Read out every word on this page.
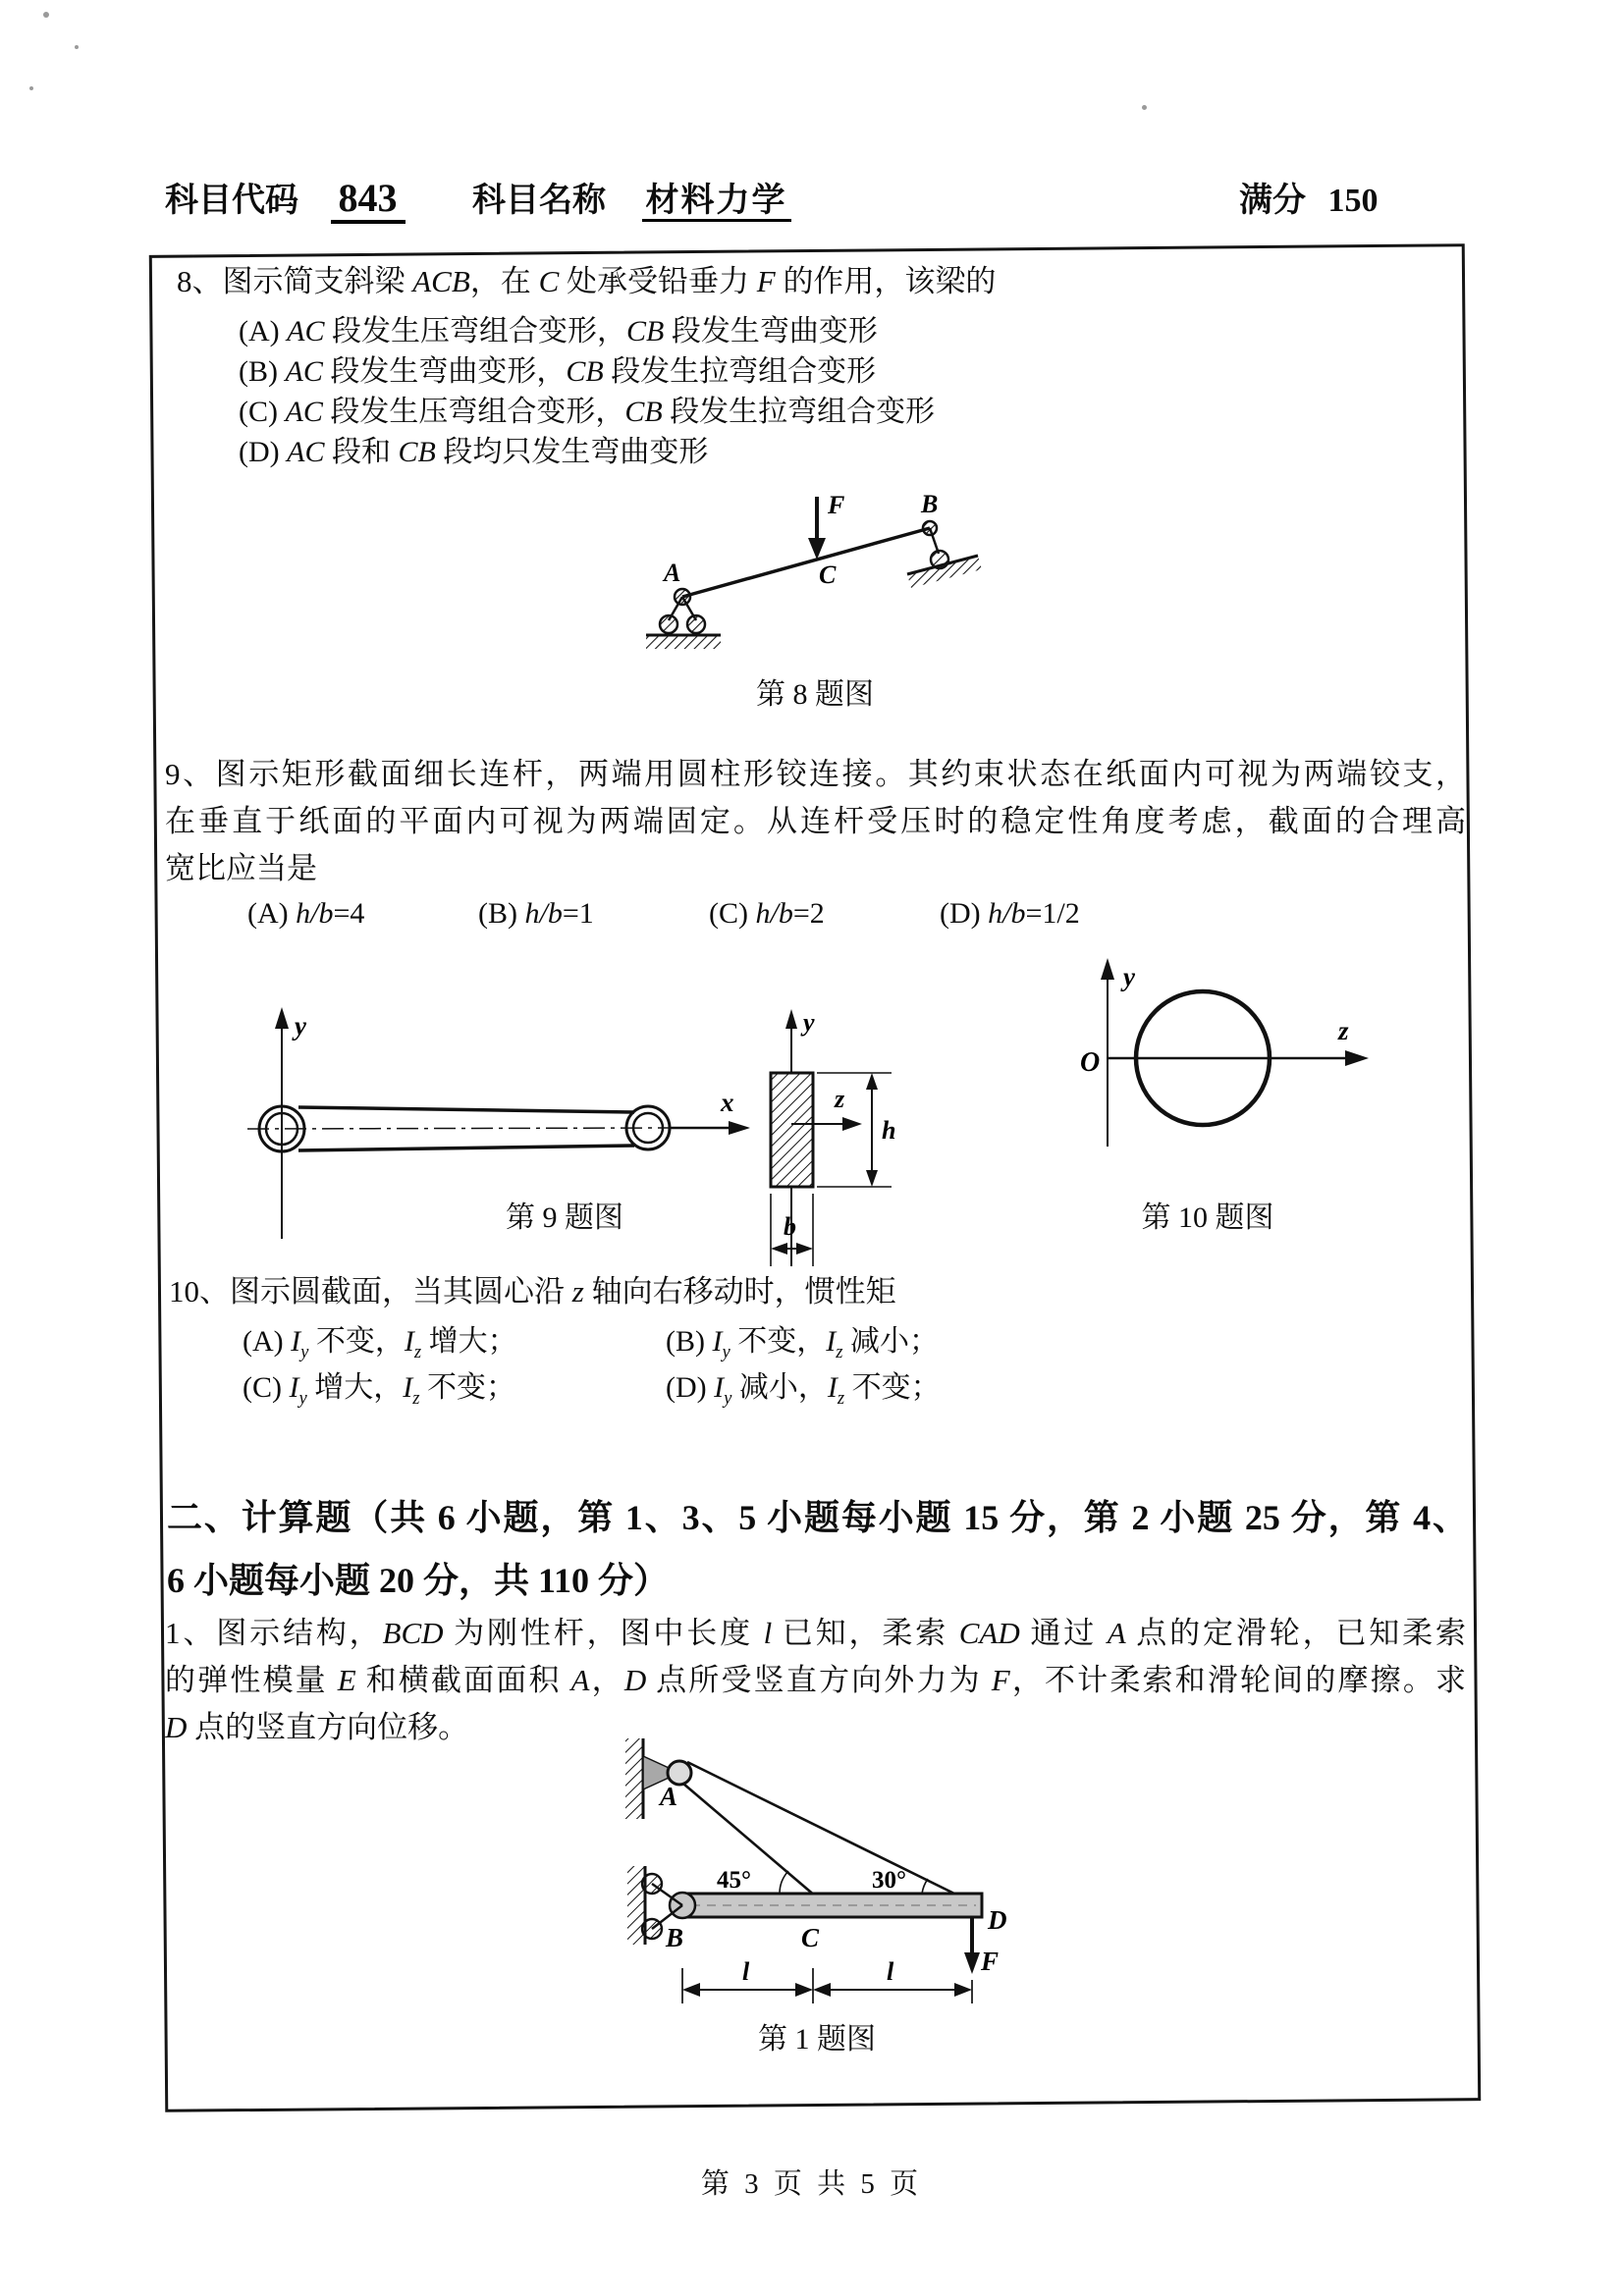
科目代码 843 科目名称 材料力学	满分 150
8、图示简支斜梁 ACB，在 C 处承受铅垂力 F 的作用，该梁的
(A) AC 段发生压弯组合变形，CB 段发生弯曲变形
(B) AC 段发生弯曲变形，CB 段发生拉弯组合变形
(C) AC 段发生压弯组合变形，CB 段发生拉弯组合变形
(D) AC 段和 CB 段均只发生弯曲变形
F
A
B
C
第 8 题图
9、图示矩形截面细长连杆，两端用圆柱形铰连接。其约束状态在纸面内可视为两端铰支，
在垂直于纸面的平面内可视为两端固定。从连杆受压时的稳定性角度考虑，截面的合理高
宽比应当是
(A) h/b=4	(B) h/b=1	(C) h/b=2	(D) h/b=1/2
y
x
y
z
h
b
第 9 题图
y
z
O
第 10 题图
10、图示圆截面，当其圆心沿 z 轴向右移动时，惯性矩
(A) $I_y$ 不变，$I_z$ 增大；	(B) $I_y$ 不变，$I_z$ 减小；
(C) $I_y$ 增大，$I_z$ 不变；	(D) $I_y$ 减小，$I_z$ 不变；
二、计算题（共 6 小题，第 1、3、5 小题每小题 15 分，第 2 小题 25 分，第 4、
6 小题每小题 20 分，共 110 分）
1、图示结构，BCD 为刚性杆，图中长度 l 已知，柔索 CAD 通过 A 点的定滑轮，已知柔索
的弹性模量 E 和横截面面积 A，D 点所受竖直方向外力为 F，不计柔索和滑轮间的摩擦。求
D 点的竖直方向位移。
A
45°	30°
B	C
D
F
l	l
第 1 题图
第 3 页 共 5 页
